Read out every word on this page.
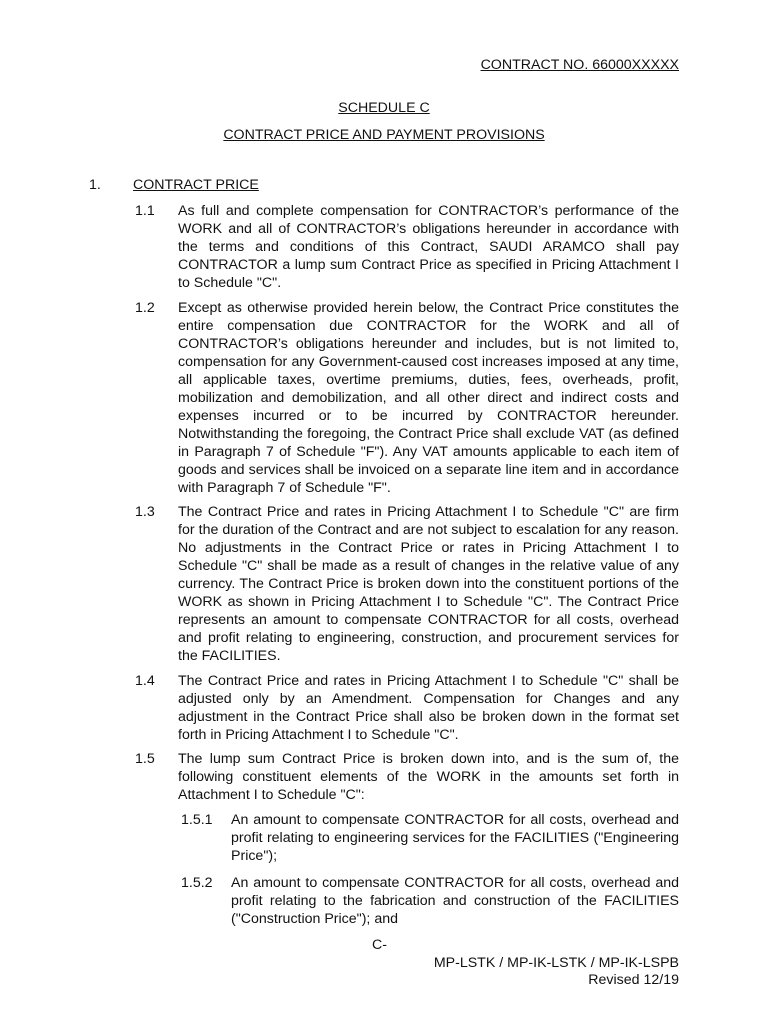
CONTRACT NO. 66000XXXXX
SCHEDULE C
CONTRACT PRICE AND PAYMENT PROVISIONS
1. CONTRACT PRICE
1.1 As full and complete compensation for CONTRACTOR’s performance of the WORK and all of CONTRACTOR’s obligations hereunder in accordance with the terms and conditions of this Contract, SAUDI ARAMCO shall pay CONTRACTOR a lump sum Contract Price as specified in Pricing Attachment I to Schedule "C".
1.2 Except as otherwise provided herein below, the Contract Price constitutes the entire compensation due CONTRACTOR for the WORK and all of CONTRACTOR’s obligations hereunder and includes, but is not limited to, compensation for any Government-caused cost increases imposed at any time, all applicable taxes, overtime premiums, duties, fees, overheads, profit, mobilization and demobilization, and all other direct and indirect costs and expenses incurred or to be incurred by CONTRACTOR hereunder. Notwithstanding the foregoing, the Contract Price shall exclude VAT (as defined in Paragraph 7 of Schedule "F"). Any VAT amounts applicable to each item of goods and services shall be invoiced on a separate line item and in accordance with Paragraph 7 of Schedule "F".
1.3 The Contract Price and rates in Pricing Attachment I to Schedule "C" are firm for the duration of the Contract and are not subject to escalation for any reason. No adjustments in the Contract Price or rates in Pricing Attachment I to Schedule "C" shall be made as a result of changes in the relative value of any currency. The Contract Price is broken down into the constituent portions of the WORK as shown in Pricing Attachment I to Schedule "C". The Contract Price represents an amount to compensate CONTRACTOR for all costs, overhead and profit relating to engineering, construction, and procurement services for the FACILITIES.
1.4 The Contract Price and rates in Pricing Attachment I to Schedule "C" shall be adjusted only by an Amendment. Compensation for Changes and any adjustment in the Contract Price shall also be broken down in the format set forth in Pricing Attachment I to Schedule "C".
1.5 The lump sum Contract Price is broken down into, and is the sum of, the following constituent elements of the WORK in the amounts set forth in Attachment I to Schedule "C":
1.5.1 An amount to compensate CONTRACTOR for all costs, overhead and profit relating to engineering services for the FACILITIES ("Engineering Price");
1.5.2 An amount to compensate CONTRACTOR for all costs, overhead and profit relating to the fabrication and construction of the FACILITIES ("Construction Price"); and
C-
MP-LSTK / MP-IK-LSTK / MP-IK-LSPB
Revised 12/19
